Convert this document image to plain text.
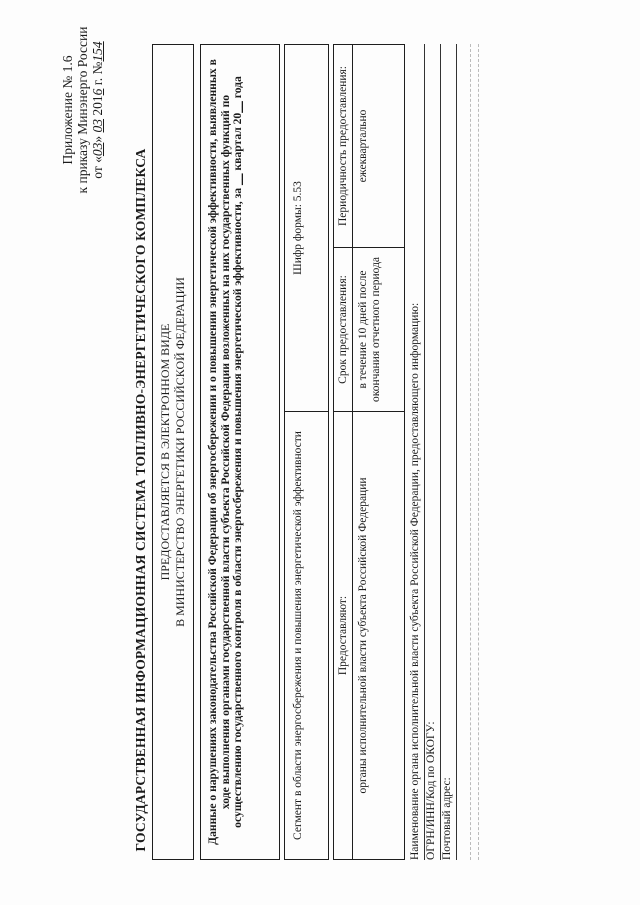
Приложение № 1.6 к приказу Минэнерго России от «03» 03 2016 г. №154
ГОСУДАРСТВЕННАЯ ИНФОРМАЦИОННАЯ СИСТЕМА ТОПЛИВНО-ЭНЕРГЕТИЧЕСКОГО КОМПЛЕКСА ПРЕДОСТАВЛЯЕТСЯ В ЭЛЕКТРОННОМ ВИДЕ В МИНИСТЕРСТВО ЭНЕРГЕТИКИ РОССИЙСКОЙ ФЕДЕРАЦИИ	Данные о нарушениях законодательства Российской Федерации об энергосбережении и о повышении энергетической эффективности, выявленных в ходе выполнения органами государственной власти субъекта Российской Федерации возложенных на них государственных функций по осуществлению государственного контроля в области энергосбережения и повышения энергетической эффективности, за __ квартал 20__ года
Сегмент в области энергосбережения и повышения энергетической эффективности
Шифр формы: 5.53
Предоставляют: органы исполнительной власти субъекта Российской Федерации
Срок предоставления: в течение 10 дней после окончания отчетного периода
Периодичность предоставления: ежеквартально
Наименование органа исполнительной власти субъекта Российской Федерации, предоставляющего информацию: ОГРН/ИНН/Код по ОКОГУ: Почтовый адрес:
